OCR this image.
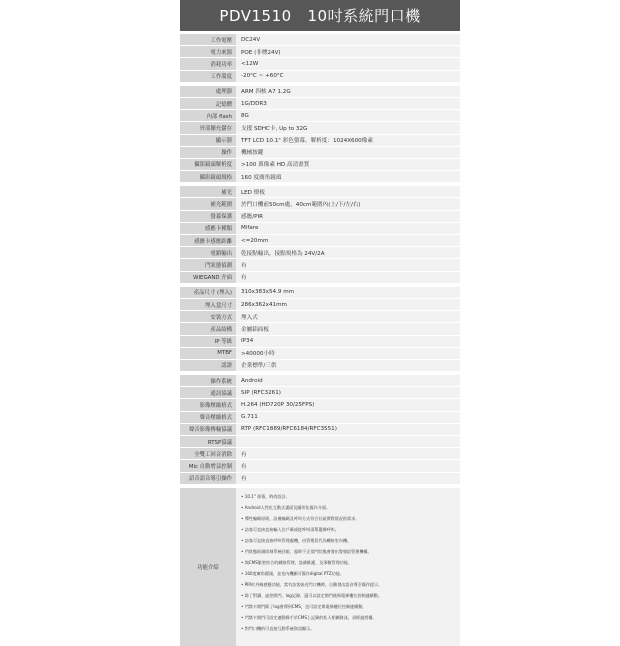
PDV1510   10吋系統門口機
工作電壓	DC24V
電力來源	POE (非標24V)
消耗功率	<12W
工作溫度	-20°C ~ +60°C
處理器	ARM 四核 A7 1.2G
記憶體	1G/DDR3
內部 flash	8G
外部擴充儲存	支援 SDHC卡, Up to 32G
顯示器	TFT LCD 10.1" 彩色螢幕，解析度：1024X600像素
操作	機械按鍵
攝影鏡頭解析度	>100 萬像素 HD 高清畫質
攝影鏡頭規格	160 度廣角鏡頭
補光	LED 燈板
補光範圍	於門口機前50cm處，40cm範圍內(上/下/左/右)
螢幕保護	感應/PIR
感應卡種類	Mifare
感應卡感應距離	<=20mm
電鎖輸出	乾接點輸出，接點規格為 24V/2A
門狀態偵測	有
WIEGAND 介面	有
產品尺寸 (埋入)	310x383x54.9 mm
埋入盒尺寸	286x362x41mm
安裝方式	埋入式
產品結構	金屬鋁面板
IP 等級	IP34
MTBF	>40000小時
認證	企業標準/三供
操作系統	Android
通訊協議	SIP (RFC3261)
影像壓縮格式	H.264 (HD720P 30/25FPS)
聲音壓縮格式	G.711
聲音影像傳輸協議	RTP (RFC1889/RFC6184/RFC3551)
RTSP協議
全雙工回音消除	有
Mic 自動增益控制	有
語音語音導引操作	有
功能介紹
• 10.1" 螢幕，時尚設計。
• Android人性化互動式畫面及圖形化操作介面。
• 彈性編碼原則，設備編碼及呼叫方式符合社區實際狀況的需求。
• 訪客可直接直接輸入住戶碼或從呼叫清單選擇呼叫。
• 訪客可直接直接呼叫管理處機，由管理員代為轉接室內機。
• 門狀態偵測即刻系統回報，超時不正常門狀態會發出警報給管理機構。
• 與CMS緊密結合的網路管理，設備維護，及事數管理功能。
• 160度廣角鏡頭，並室內機顯可操作digital PTZ功能。
• PIR紅外線感應功能，當有訪客接近門口機時，自動發出語音導引操作提示。
• 除了對講、遙控開門、log記錄，還可以設定開門後與電梯樓位控制連續動。
• 門禁卡開門除了log會傳到CMS，也可設定與電梯樓位控制連續動。
• 門禁卡開門可設定連動錄手於CMS上記錄的私人相關資訊，須經過授權。
• 對門口機的可直接互動系統資訊顯示。
